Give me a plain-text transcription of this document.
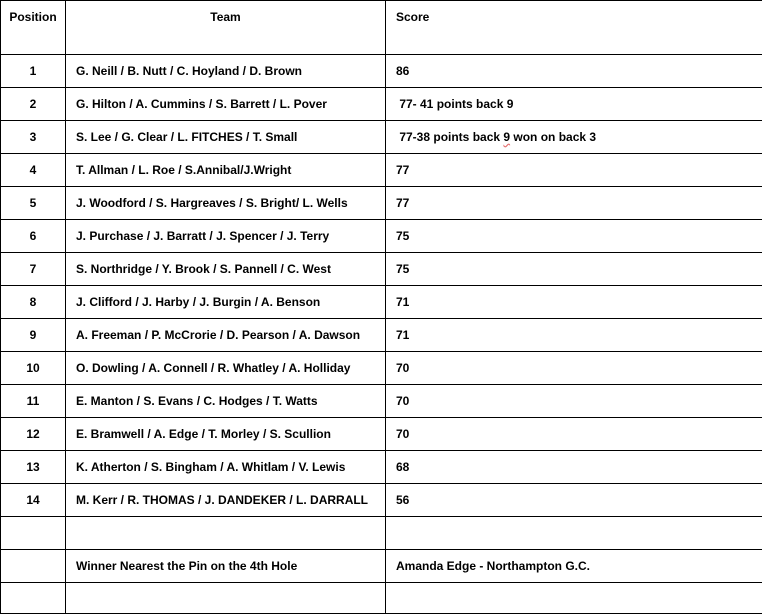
Position	Team	Score
1	G. Neill / B. Nutt / C. Hoyland / D. Brown	86
2	G. Hilton / A. Cummins / S. Barrett / L. Pover	77- 41 points back 9
3	S. Lee / G. Clear / L. FITCHES / T. Small	77-38 points back 9 won on back 3
4	T. Allman / L. Roe / S.Annibal/J.Wright	77
5	J. Woodford / S. Hargreaves / S. Bright/ L. Wells	77
6	J. Purchase / J. Barratt / J. Spencer / J. Terry	75
7	S. Northridge / Y. Brook / S. Pannell / C. West	75
8	J. Clifford / J. Harby / J. Burgin / A. Benson	71
9	A. Freeman / P. McCrorie / D. Pearson / A. Dawson	71
10	O. Dowling / A. Connell / R. Whatley / A. Holliday	70
11	E. Manton / S. Evans / C. Hodges / T. Watts	70
12	E. Bramwell / A. Edge / T. Morley / S. Scullion	70
13	K. Atherton / S. Bingham / A. Whitlam / V. Lewis	68
14	M. Kerr / R. THOMAS / J. DANDEKER / L. DARRALL	56

	Winner Nearest the Pin on the 4th Hole	Amanda Edge - Northampton G.C.
